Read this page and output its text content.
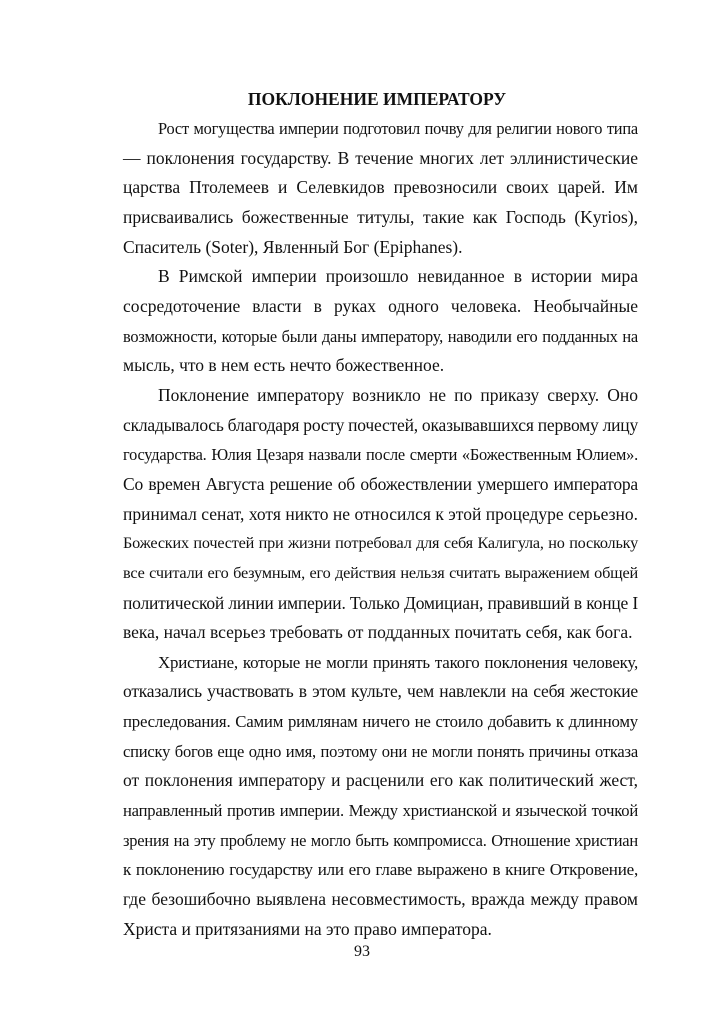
ПОКЛОНЕНИЕ ИМПЕРАТОРУ
Рост могущества империи подготовил почву для религии нового типа
— поклонения государству. В течение многих лет эллинистические
царства Птолемеев и Селевкидов превозносили своих царей. Им
присваивались божественные титулы, такие как Господь (Kyrios),
Спаситель (Soter), Явленный Бог (Epiphanes).
В Римской империи произошло невиданное в истории мира
сосредоточение власти в руках одного человека. Необычайные
возможности, которые были даны императору, наводили его подданных на
мысль, что в нем есть нечто божественное.
Поклонение императору возникло не по приказу сверху. Оно
складывалось благодаря росту почестей, оказывавшихся первому лицу
государства. Юлия Цезаря назвали после смерти «Божественным Юлием».
Со времен Августа решение об обожествлении умершего императора
принимал сенат, хотя никто не относился к этой процедуре серьезно.
Божеских почестей при жизни потребовал для себя Калигула, но поскольку
все считали его безумным, его действия нельзя считать выражением общей
политической линии империи. Только Домициан, правивший в конце I
века, начал всерьез требовать от подданных почитать себя, как бога.
Христиане, которые не могли принять такого поклонения человеку,
отказались участвовать в этом культе, чем навлекли на себя жестокие
преследования. Самим римлянам ничего не стоило добавить к длинному
списку богов еще одно имя, поэтому они не могли понять причины отказа
от поклонения императору и расценили его как политический жест,
направленный против империи. Между христианской и языческой точкой
зрения на эту проблему не могло быть компромисса. Отношение христиан
к поклонению государству или его главе выражено в книге Откровение,
где безошибочно выявлена несовместимость, вражда между правом
Христа и притязаниями на это право императора.
93
